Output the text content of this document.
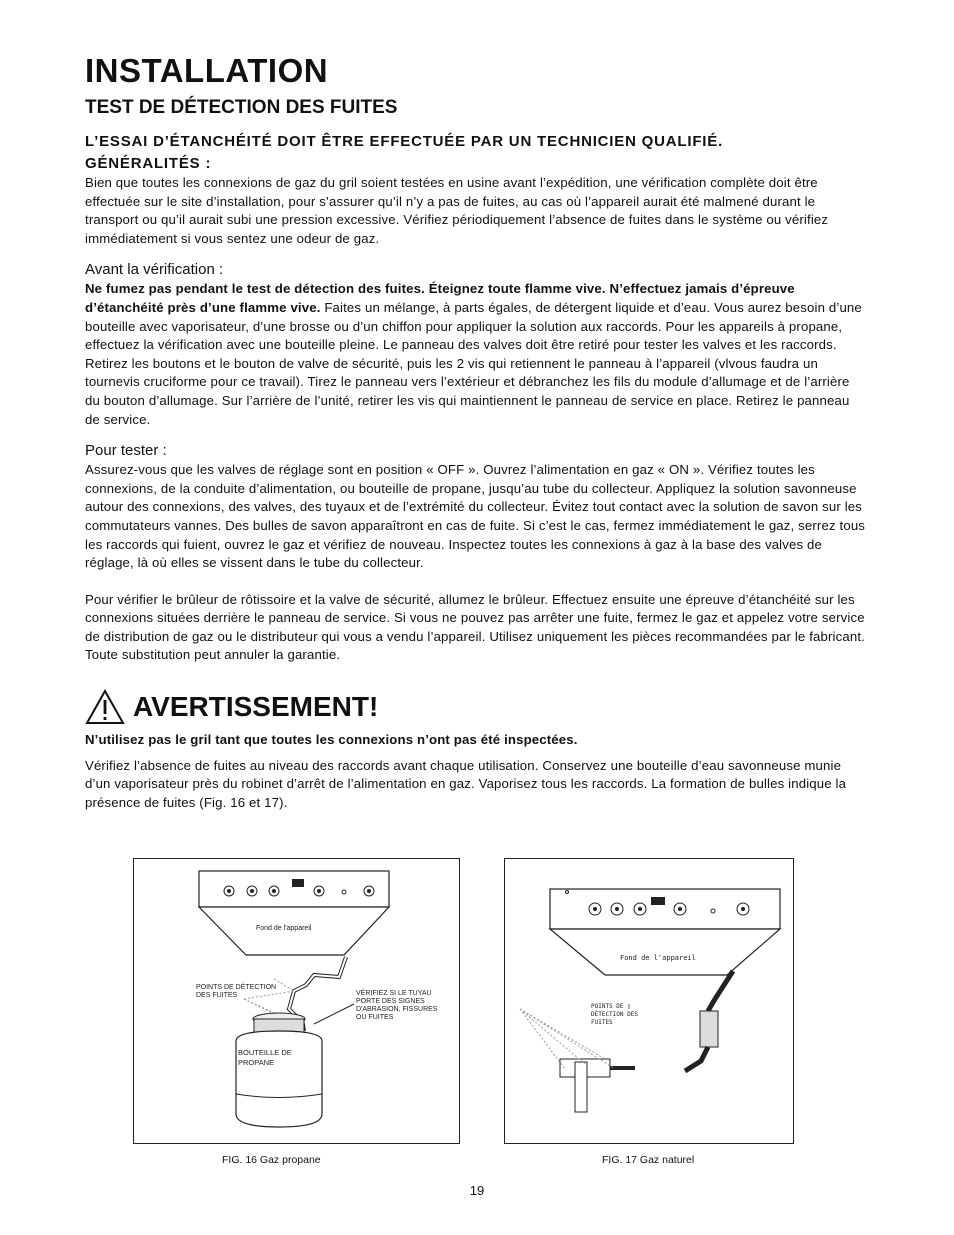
INSTALLATION
TEST DE DÉTECTION DES FUITES
L’ESSAI D’ÉTANCHÉITÉ DOIT ÊTRE EFFECTUÉE PAR UN TECHNICIEN QUALIFIÉ.
GÉNÉRALITÉS :

Bien que toutes les connexions de gaz du gril soient testées en usine avant l’expédition, une vérification complète doit être effectuée sur le site d’installation, pour s’assurer qu’il n’y a pas de fuites, au cas où l’appareil aurait été malmené durant le transport ou qu’il aurait subi une pression excessive. Vérifiez périodiquement l’absence de fuites dans le système ou vérifiez immédiatement si vous sentez une odeur de gaz.

Avant la vérification :

Ne fumez pas pendant le test de détection des fuites. Éteignez toute flamme vive. N’effectuez jamais d’épreuve d’étanchéité près d’une flamme vive. Faites un mélange, à parts égales, de détergent liquide et d’eau. Vous aurez besoin d’une bouteille avec vaporisateur, d’une brosse ou d’un chiffon pour appliquer la solution aux raccords. Pour les appareils à propane, effectuez la vérification avec une bouteille pleine. Le panneau des valves doit être retiré pour tester les valves et les raccords. Retirez les boutons et le bouton de valve de sécurité, puis les 2 vis qui retiennent le panneau à l’appareil (vlvous faudra un tournevis cruciforme pour ce travail). Tirez le panneau vers l’extérieur et débranchez les fils du module d’allumage et de l’arrière du bouton d’allumage. Sur l’arrière de l’unité, retirer les vis qui maintiennent le panneau de service en place. Retirez le panneau de service.

Pour tester :

Assurez-vous que les valves de réglage sont en position « OFF ». Ouvrez l’alimentation en gaz « ON ». Vérifiez toutes les connexions, de la conduite d’alimentation, ou bouteille de propane, jusqu’au tube du collecteur. Appliquez la solution savonneuse autour des connexions, des valves, des tuyaux et de l’extrémité du collecteur. Évitez tout contact avec la solution de savon sur les commutateurs vannes. Des bulles de savon apparaîtront en cas de fuite. Si c’est le cas, fermez immédiatement le gaz, serrez tous les raccords qui fuient, ouvrez le gaz et vérifiez de nouveau. Inspectez toutes les connexions à gaz à la base des valves de réglage, là où elles se vissent dans le tube du collecteur.

Pour vérifier le brûleur de rôtissoire et la valve de sécurité, allumez le brûleur. Effectuez ensuite une épreuve d’étanchéité sur les connexions situées derrière le panneau de service. Si vous ne pouvez pas arrêter une fuite, fermez le gaz et appelez votre service de distribution de gaz ou le distributeur qui vous a vendu l’appareil. Utilisez uniquement les pièces recommandées par le fabricant. Toute substitution peut annuler la garantie.

AVERTISSEMENT!

N’utilisez pas le gril tant que toutes les connexions n’ont pas été inspectées.

Vérifiez l’absence de fuites au niveau des raccords avant chaque utilisation. Conservez une bouteille d’eau savonneuse munie d’un vaporisateur près du robinet d’arrêt de l’alimentation en gaz. Vaporisez tous les raccords. La formation de bulles indique la présence de fuites (Fig. 16 et 17).

Fond de l'appareil
POINTS DE DÉTECTION
DES FUITES	VÉRIFIEZ SI LE TUYAU
PORTE DES SIGNES
D'ABRASION, FISSURES
OU FUITES
BOUTEILLE DE
PROPANE
FIG. 16 Gaz propane
Fond de l'appareil
POINTS DE ▯
DÉTECTION DES
FUITES
FIG. 17 Gaz naturel
19
